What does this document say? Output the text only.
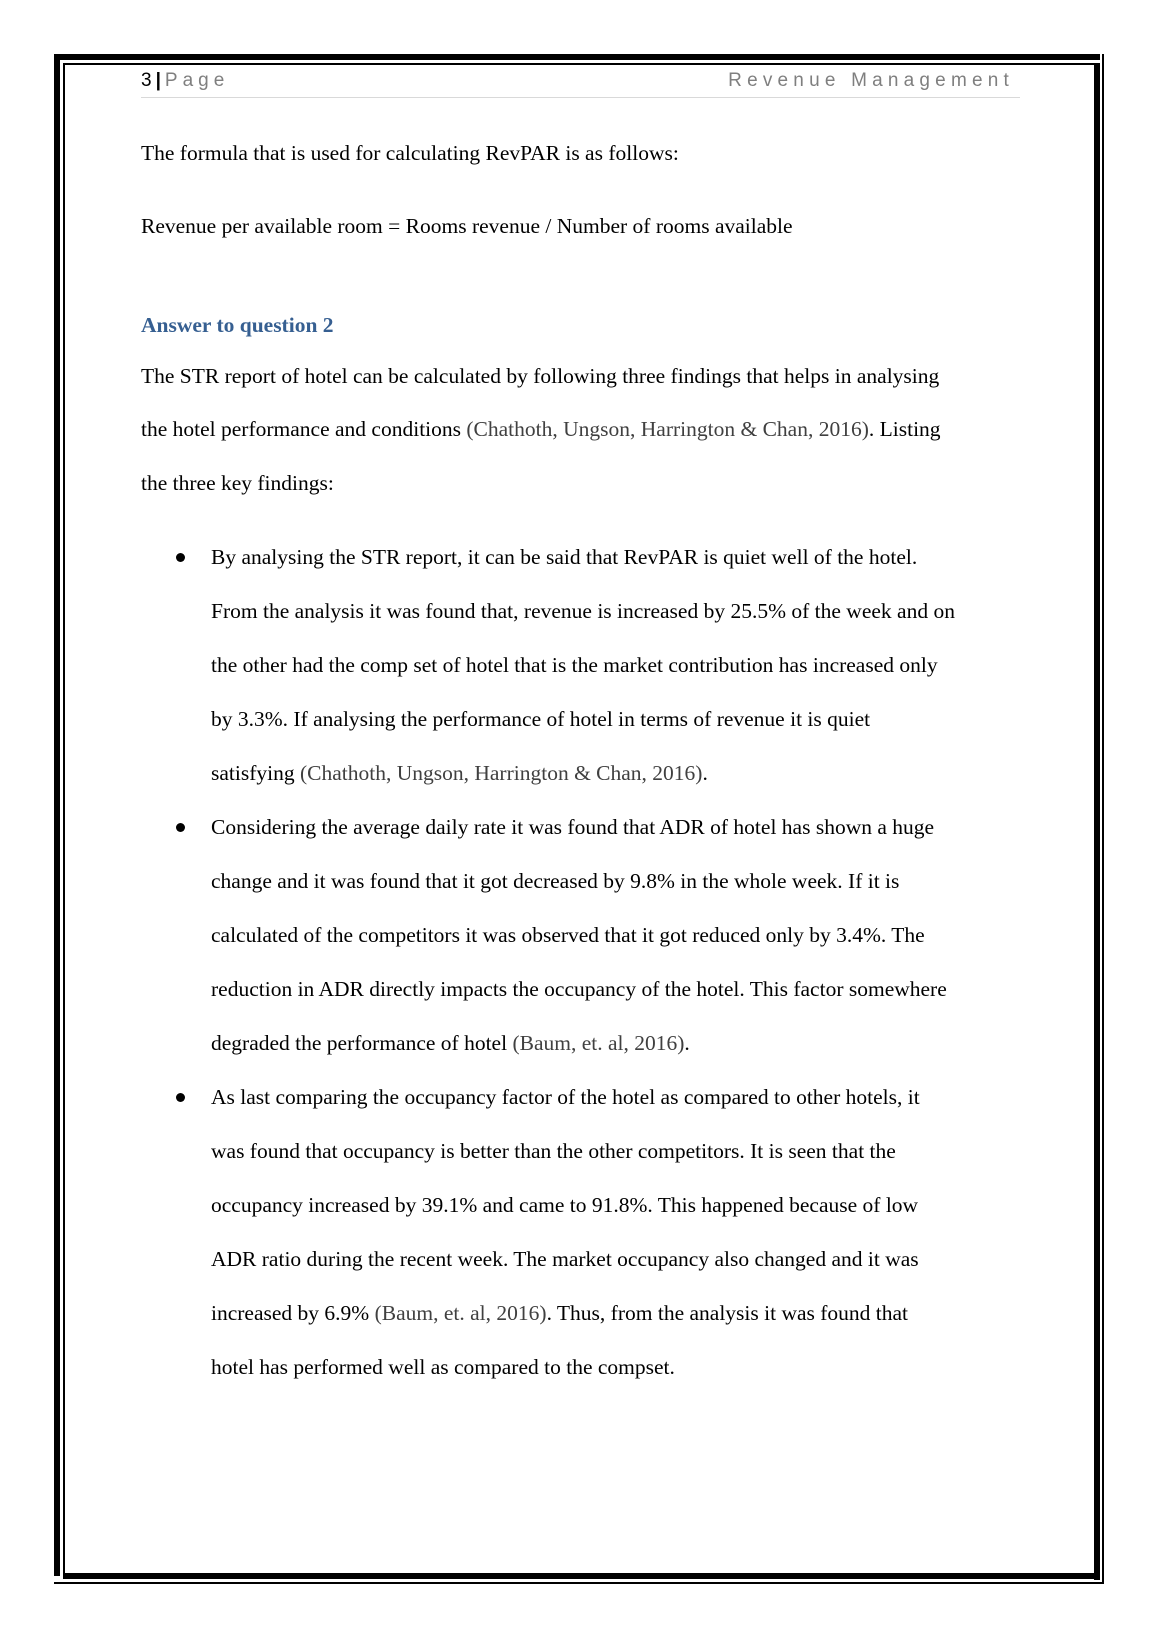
3 | Page	Revenue Management
The formula that is used for calculating RevPAR is as follows:
Revenue per available room = Rooms revenue / Number of rooms available
Answer to question 2
The STR report of hotel can be calculated by following three findings that helps in analysing
the hotel performance and conditions (Chathoth, Ungson, Harrington & Chan, 2016). Listing
the three key findings:
By analysing the STR report, it can be said that RevPAR is quiet well of the hotel.
From the analysis it was found that, revenue is increased by 25.5% of the week and on
the other had the comp set of hotel that is the market contribution has increased only
by 3.3%. If analysing the performance of hotel in terms of revenue it is quiet
satisfying (Chathoth, Ungson, Harrington & Chan, 2016).
Considering the average daily rate it was found that ADR of hotel has shown a huge
change and it was found that it got decreased by 9.8% in the whole week. If it is
calculated of the competitors it was observed that it got reduced only by 3.4%. The
reduction in ADR directly impacts the occupancy of the hotel. This factor somewhere
degraded the performance of hotel (Baum, et. al, 2016).
As last comparing the occupancy factor of the hotel as compared to other hotels, it
was found that occupancy is better than the other competitors. It is seen that the
occupancy increased by 39.1% and came to 91.8%. This happened because of low
ADR ratio during the recent week. The market occupancy also changed and it was
increased by 6.9% (Baum, et. al, 2016). Thus, from the analysis it was found that
hotel has performed well as compared to the compset.
